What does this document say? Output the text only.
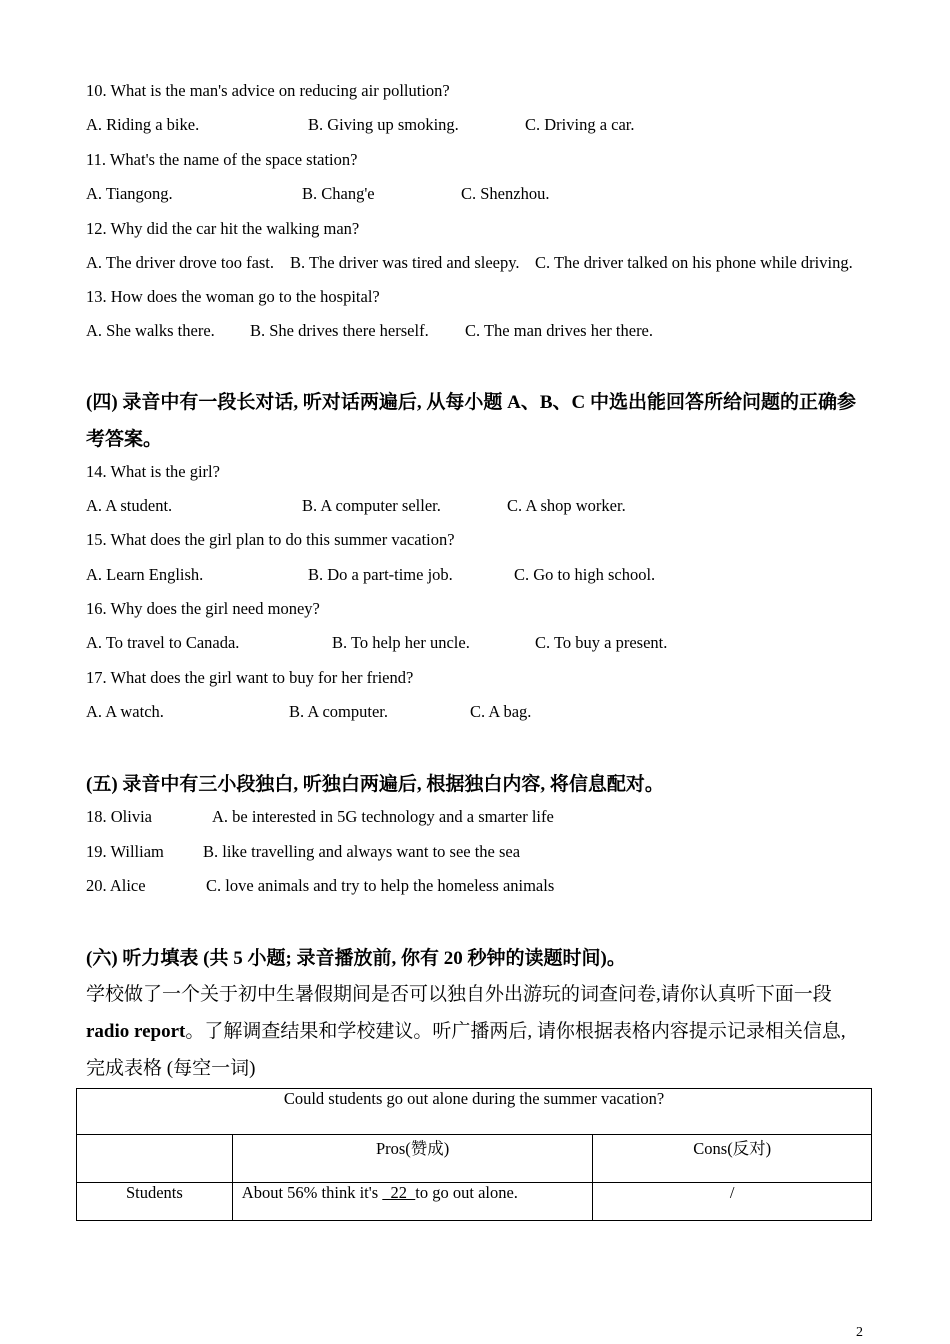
10. What is the man's advice on reducing air pollution?
A. Riding a bike.	B. Giving up smoking.	C. Driving a car.
11. What's the name of the space station?
A. Tiangong.	B. Chang'e	C. Shenzhou.
12. Why did the car hit the walking man?
A. The driver drove too fast. B. The driver was tired and sleepy. C. The driver talked on his phone while driving.
13. How does the woman go to the hospital?
A. She walks there. B. She drives there herself. C. The man drives her there.
(四) 录音中有一段长对话, 听对话两遍后, 从每小题 A、B、C 中选出能回答所给问题的正确参
考答案。
14. What is the girl?
A. A student.	B. A computer seller.	C. A shop worker.
15. What does the girl plan to do this summer vacation?
A. Learn English.	B. Do a part-time job.	C. Go to high school.
16. Why does the girl need money?
A. To travel to Canada.	B. To help her uncle.	C. To buy a present.
17. What does the girl want to buy for her friend?
A. A watch.	B. A computer.	C. A bag.
(五) 录音中有三小段独白, 听独白两遍后, 根据独白内容, 将信息配对。
18. Olivia	A. be interested in 5G technology and a smarter life
19. William B. like travelling and always want to see the sea
20. Alice	C. love animals and try to help the homeless animals
(六) 听力填表 (共 5 小题; 录音播放前, 你有 20 秒钟的读题时间)。
学校做了一个关于初中生暑假期间是否可以独自外出游玩的词查问卷,请你认真听下面一段
radio report。了解调查结果和学校建议。听广播两后, 请你根据表格内容提示记录相关信息,
完成表格 (每空一词)
Could students go out alone during the summer vacation?		
	Pros(赞成)	Cons(反对)
Students	About 56% think it's   22  to go out alone.	/
2
